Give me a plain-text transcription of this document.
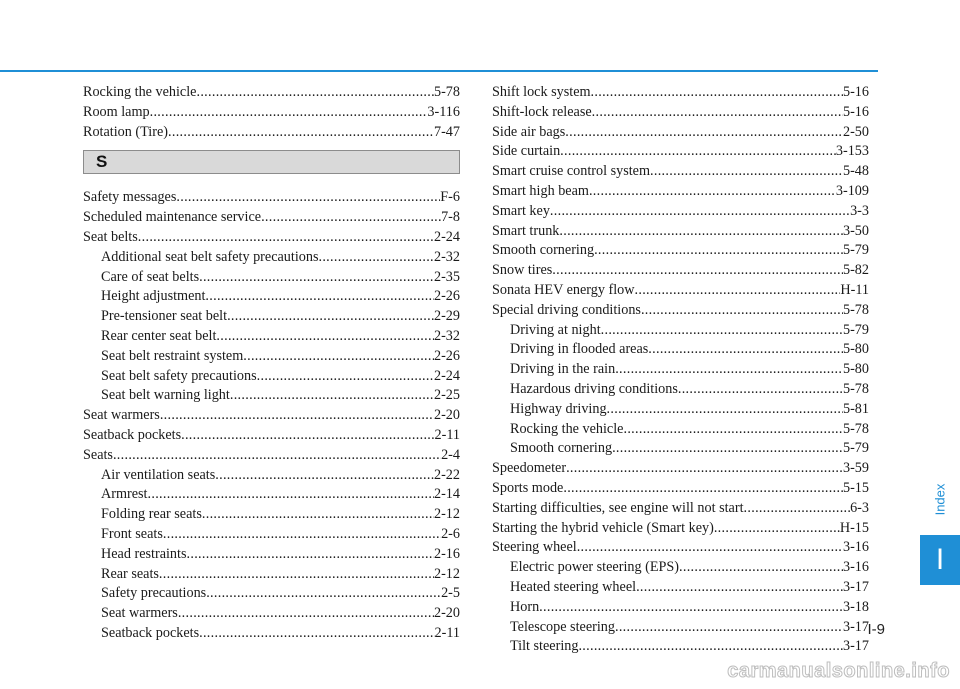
Rocking the vehicle .....	5-78
Room lamp .....	3-116
Rotation (Tire) .....	7-47
S
Safety messages .....	F-6
Scheduled maintenance service .....	7-8
Seat belts .....	2-24
Additional seat belt safety precautions .....	2-32
Care of seat belts .....	2-35
Height adjustment .....	2-26
Pre-tensioner seat belt .....	2-29
Rear center seat belt .....	2-32
Seat belt restraint system .....	2-26
Seat belt safety precautions .....	2-24
Seat belt warning light .....	2-25
Seat warmers .....	2-20
Seatback pockets .....	2-11
Seats .....	2-4
Air ventilation seats .....	2-22
Armrest .....	2-14
Folding rear seats .....	2-12
Front seats .....	2-6
Head restraints .....	2-16
Rear seats .....	2-12
Safety precautions .....	2-5
Seat warmers .....	2-20
Seatback pockets .....	2-11
Shift lock system .....	5-16
Shift-lock release .....	5-16
Side air bags .....	2-50
Side curtain .....	3-153
Smart cruise control system .....	5-48
Smart high beam .....	3-109
Smart key .....	3-3
Smart trunk .....	3-50
Smooth cornering .....	5-79
Snow tires .....	5-82
Sonata HEV energy flow .....	H-11
Special driving conditions .....	5-78
Driving at night .....	5-79
Driving in flooded areas .....	5-80
Driving in the rain .....	5-80
Hazardous driving conditions .....	5-78
Highway driving .....	5-81
Rocking the vehicle .....	5-78
Smooth cornering .....	5-79
Speedometer .....	3-59
Sports mode .....	5-15
Starting difficulties, see engine will not start .....	6-3
Starting the hybrid vehicle (Smart key) .....	H-15
Steering wheel .....	3-16
Electric power steering (EPS) .....	3-16
Heated steering wheel .....	3-17
Horn .....	3-18
Telescope steering .....	3-17
Tilt steering .....	3-17
Index
I
I-9
carmanualsonline.info
